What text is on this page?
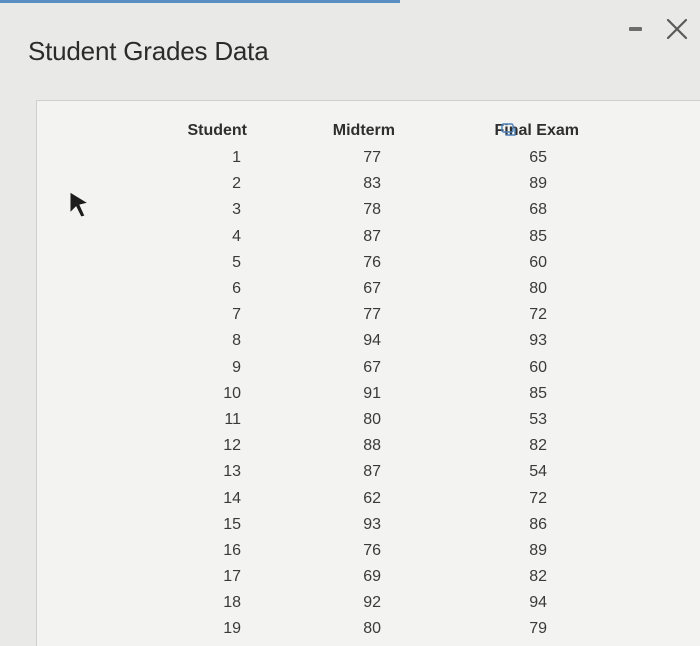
Student Grades Data
Student	Midterm	Final Exam
1	77	65
2	83	89
3	78	68
4	87	85
5	76	60
6	67	80
7	77	72
8	94	93
9	67	60
10	91	85
11	80	53
12	88	82
13	87	54
14	62	72
15	93	86
16	76	89
17	69	82
18	92	94
19	80	79
